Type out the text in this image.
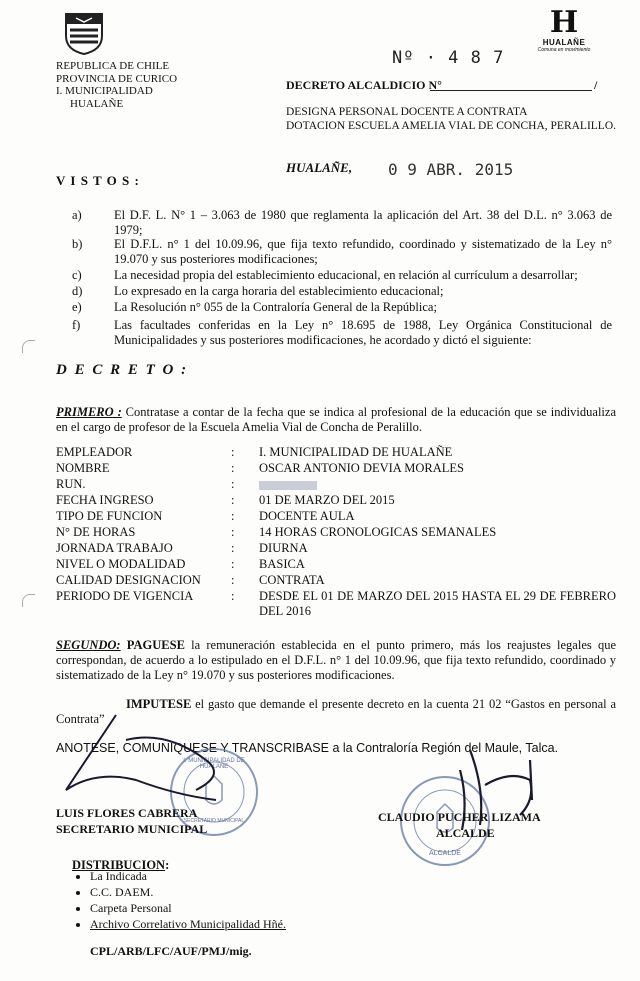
REPUBLICA DE CHILE
PROVINCIA DE CURICO
I. MUNICIPALIDAD
HUALAÑE
H
HUALAÑE
Comuna en movimiento
Nº · 4 8 7
DECRETO ALCALDICIO N°	/
DESIGNA PERSONAL DOCENTE A CONTRATA
DOTACION ESCUELA AMELIA VIAL DE CONCHA, PERALILLO.
HUALAÑE, 0 9 ABR. 2015
V I S T O S :
a)	El D.F. L. N° 1 – 3.063 de 1980 que reglamenta la aplicación del Art. 38 del D.L. n° 3.063 de 1979;
b)	El D.F.L. n° 1 del 10.09.96, que fija texto refundido, coordinado y sistematizado de la Ley n° 19.070 y sus posteriores modificaciones;
c)	La necesidad propia del establecimiento educacional, en relación al currículum a desarrollar;
d)	Lo expresado en la carga horaria del establecimiento educacional;
e)	La Resolución n° 055 de la Contraloría General de la República;
f)	Las facultades conferidas en la Ley n° 18.695 de 1988, Ley Orgánica Constitucional de Municipalidades y sus posteriores modificaciones, he acordado y dictó el siguiente:
D E C R E T O :
PRIMERO : Contratase a contar de la fecha que se indica al profesional de la educación que se individualiza en el cargo de profesor de la Escuela Amelia Vial de Concha de Peralillo.
EMPLEADOR	:	I. MUNICIPALIDAD DE HUALAÑE
NOMBRE	:	OSCAR ANTONIO DEVIA MORALES
RUN.	:
FECHA INGRESO	:	01 DE MARZO DEL 2015
TIPO DE FUNCION	:	DOCENTE AULA
N° DE HORAS	:	14 HORAS CRONOLOGICAS SEMANALES
JORNADA TRABAJO	:	DIURNA
NIVEL O MODALIDAD	:	BASICA
CALIDAD DESIGNACION	:	CONTRATA
PERIODO DE VIGENCIA	:	DESDE EL 01 DE MARZO DEL 2015 HASTA EL 29 DE FEBRERO DEL 2016
SEGUNDO: PAGUESE la remuneración establecida en el punto primero, más los reajustes legales que correspondan, de acuerdo a lo estipulado en el D.F.L. n° 1 del 10.09.96, que fija texto refundido, coordinado y sistematizado de la Ley n° 19.070 y sus posteriores modificaciones.
IMPUTESE el gasto que demande el presente decreto en la cuenta 21 02 “Gastos en personal a Contrata”
ANOTESE, COMUNIQUESE Y TRANSCRIBASE a la Contraloría Región del Maule, Talca.
I. MUNICIPALIDAD DE HUALAÑE
SECRETARIO MUNICIPAL
ALCALDE
LUIS FLORES CABRERA
SECRETARIO MUNICIPAL
CLAUDIO PUCHER LIZAMA
ALCALDE
DISTRIBUCION:
• La Indicada
• C.C. DAEM.
• Carpeta Personal
• Archivo Correlativo Municipalidad Hñé.
CPL/ARB/LFC/AUF/PMJ/mig.
